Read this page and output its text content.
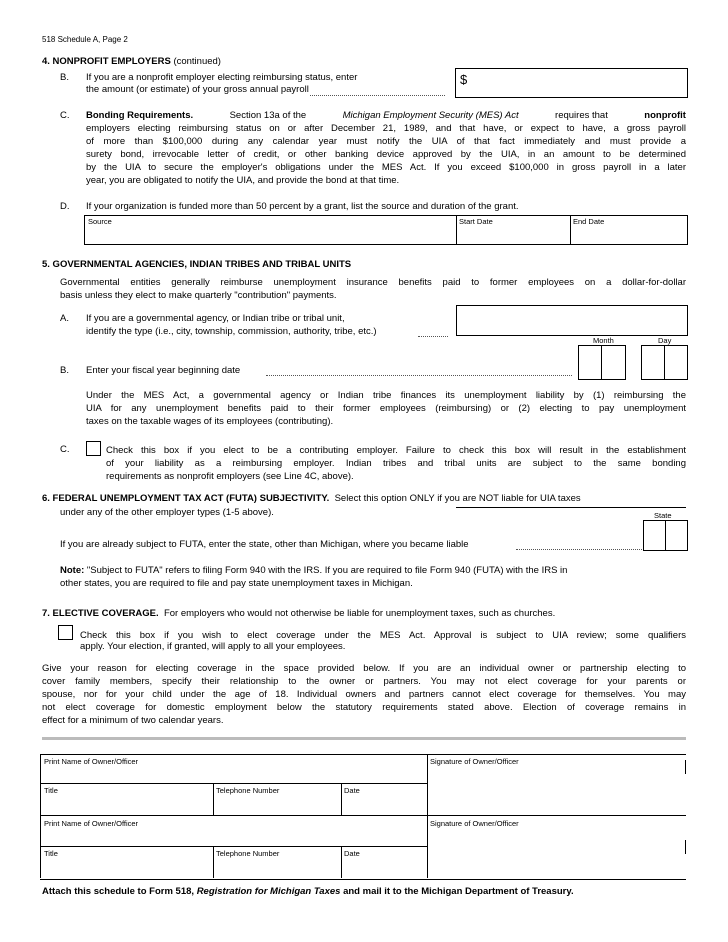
518 Schedule A, Page 2
4. NONPROFIT EMPLOYERS (continued)
B. If you are a nonprofit employer electing reimbursing status, enter
the amount (or estimate) of your gross annual payroll
$
C. Bonding Requirements.	Section 13a of the	Michigan Employment Security (MES) Act	requires that	nonprofit
employers electing reimbursing status on or after December 21, 1989, and that have, or expect to have, a gross payroll
of more than $100,000 during any calendar year must notify the UIA of that fact immediately and must provide a
surety bond, irrevocable letter of credit, or other banking device approved by the UIA, in an amount to be determined
by the UIA to secure the employer's obligations under the MES Act. If you exceed $100,000 in gross payroll in a later
year, you are obligated to notify the UIA, and provide the bond at that time.
D. If your organization is funded more than 50 percent by a grant, list the source and duration of the grant.
Source	Start Date	End Date
5. GOVERNMENTAL AGENCIES, INDIAN TRIBES AND TRIBAL UNITS
Governmental entities generally reimburse unemployment insurance benefits paid to former employees on a dollar-for-dollar
basis unless they elect to make quarterly "contribution" payments.
A. If you are a governmental agency, or Indian tribe or tribal unit,
identify the type (i.e., city, township, commission, authority, tribe, etc.)
Month	Day
B. Enter your fiscal year beginning date
Under the MES Act, a governmental agency or Indian tribe finances its unemployment liability by (1) reimbursing the
UIA for any unemployment benefits paid to their former employees (reimbursing) or (2) electing to pay unemployment
taxes on the taxable wages of its employees (contributing).
C.	Check this box if you elect to be a contributing employer. Failure to check this box will result in the establishment
of your liability as a reimbursing employer. Indian tribes and tribal units are subject to the same bonding
requirements as nonprofit employers (see Line 4C, above).
6. FEDERAL UNEMPLOYMENT TAX ACT (FUTA) SUBJECTIVITY. Select this option ONLY if you are NOT liable for UIA taxes
under any of the other employer types (1-5 above).	State
If you are already subject to FUTA, enter the state, other than Michigan, where you became liable
Note: "Subject to FUTA" refers to filing Form 940 with the IRS. If you are required to file Form 940 (FUTA) with the IRS in
other states, you are required to file and pay state unemployment taxes in Michigan.
7. ELECTIVE COVERAGE. For employers who would not otherwise be liable for unemployment taxes, such as churches.
Check this box if you wish to elect coverage under the MES Act. Approval is subject to UIA review; some qualifiers
apply. Your election, if granted, will apply to all your employees.
Give your reason for electing coverage in the space provided below. If you are an individual owner or partnership electing to
cover family members, specify their relationship to the owner or partners. You may not elect coverage for your parents or
spouse, nor for your child under the age of 18. Individual owners and partners cannot elect coverage for themselves. You may
not elect coverage for domestic employment below the statutory requirements stated above. Election of coverage remains in
effect for a minimum of two calendar years.
Print Name of Owner/Officer	Signature of Owner/Officer
Title	Telephone Number	Date
Print Name of Owner/Officer	Signature of Owner/Officer
Title	Telephone Number	Date
Attach this schedule to Form 518, Registration for Michigan Taxes and mail it to the Michigan Department of Treasury.
